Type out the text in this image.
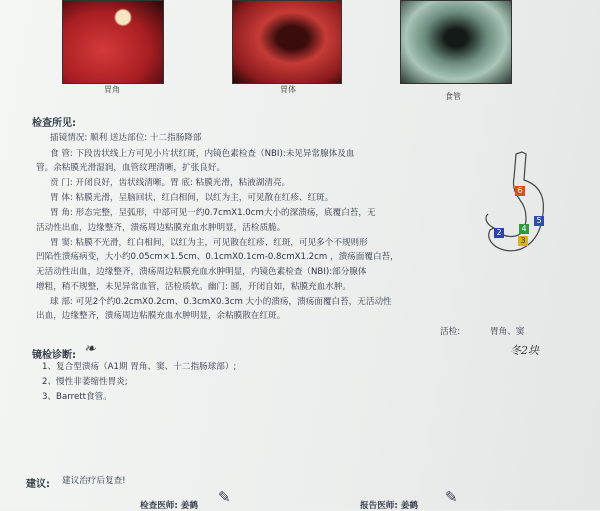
胃角	胃体
食管
检查所见:
插镜情况: 顺利 送达部位: 十二指肠降部
食 管: 下段齿状线上方可见小片状红斑，内镜色素检查（NBI):未见异常腺体及血
管。余粘膜光滑湿润，血管纹理清晰，扩张良好。
贲 门: 开闭良好，齿状线清晰。胃 底: 粘膜光滑，粘液湖清亮。
胃 体: 粘膜光滑，呈脑回状，红白相间，以红为主，可见散在红疹、红斑。
胃 角: 形态完整，呈弧形，中部可见一约0.7cmX1.0cm大小的深溃疡，底覆白苔，无
活动性出血，边缘整齐，溃疡周边粘膜充血水肿明显，活检质脆。
胃 窦: 粘膜不光滑，红白相间，以红为主，可见散在红疹、红斑，可见多个不规则形
凹陷性溃疡病变，大小约0.05cm×1.5cm、0.1cmX0.1cm-0.8cmX1.2cm ，溃疡面覆白苔，
无活动性出血，边缘整齐，溃疡周边粘膜充血水肿明显，内镜色素检查（NBI):部分腺体
增粗，稍不规整，未见异常血管，活检质软。幽门: 圆，开闭自如，粘膜充血水肿。
球 部: 可见2个约0.2cmX0.2cm、0.3cmX0.3cm 大小的溃疡，溃疡面覆白苔，无活动性
出血，边缘整齐，溃疡周边粘膜充血水肿明显，余粘膜散在红斑。
6
2	4
5
3
活检:	胃角、窦
冬2块
镜检诊断: ❧
1、复合型溃疡（A1期 胃角、窦、十二指肠球部）;
2、慢性非萎缩性胃炎;
3、Barrett食管。
建议: 建议治疗后复查!
检查医师: 姜鹤 ✎	报告医师: 姜鹤 ✎
